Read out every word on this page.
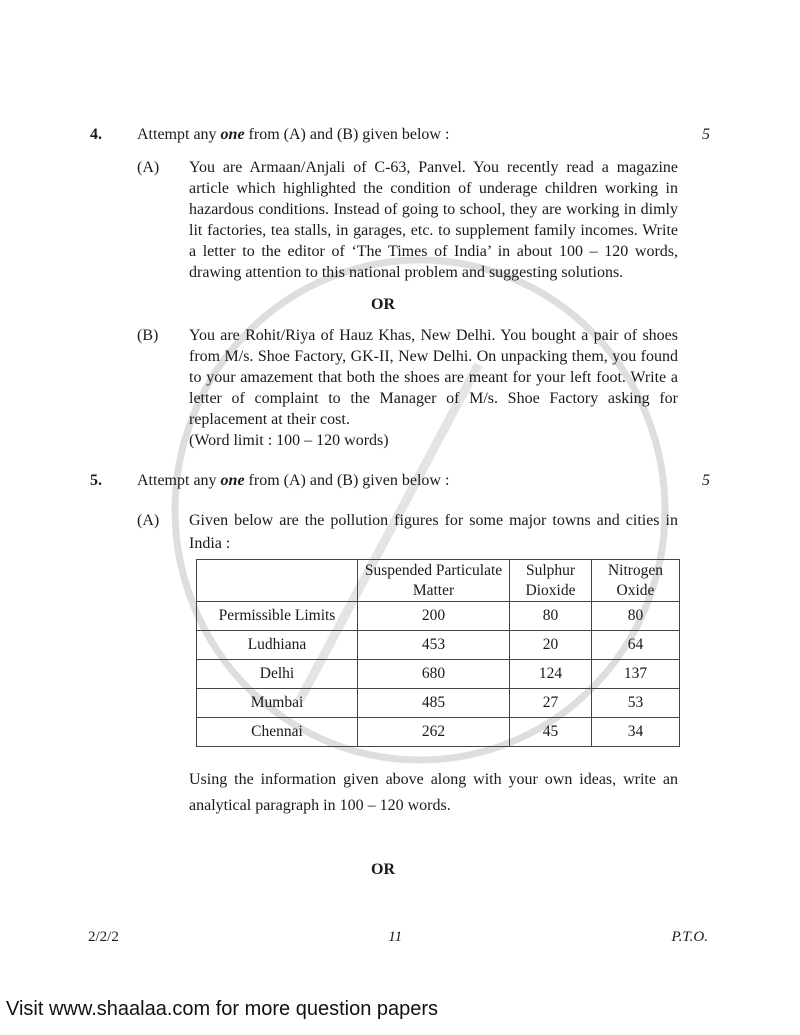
4.	Attempt any one from (A) and (B) given below :	5
(A)	You are Armaan/Anjali of C-63, Panvel. You recently read a magazine article which highlighted the condition of underage children working in hazardous conditions. Instead of going to school, they are working in dimly lit factories, tea stalls, in garages, etc. to supplement family incomes. Write a letter to the editor of ‘The Times of India’ in about 100 – 120 words, drawing attention to this national problem and suggesting solutions.
OR
(B)	You are Rohit/Riya of Hauz Khas, New Delhi. You bought a pair of shoes from M/s. Shoe Factory, GK-II, New Delhi. On unpacking them, you found to your amazement that both the shoes are meant for your left foot. Write a letter of complaint to the Manager of M/s. Shoe Factory asking for replacement at their cost.
(Word limit : 100 – 120 words)
5.	Attempt any one from (A) and (B) given below :	5
(A)	Given below are the pollution figures for some major towns and cities in India :
	Suspended Particulate Matter	Sulphur Dioxide	Nitrogen Oxide
Permissible Limits	200	80	80
Ludhiana	453	20	64
Delhi	680	124	137
Mumbai	485	27	53
Chennai	262	45	34
Using the information given above along with your own ideas, write an analytical paragraph in 100 – 120 words.
OR
2/2/2	11	P.T.O.
Visit www.shaalaa.com for more question papers
